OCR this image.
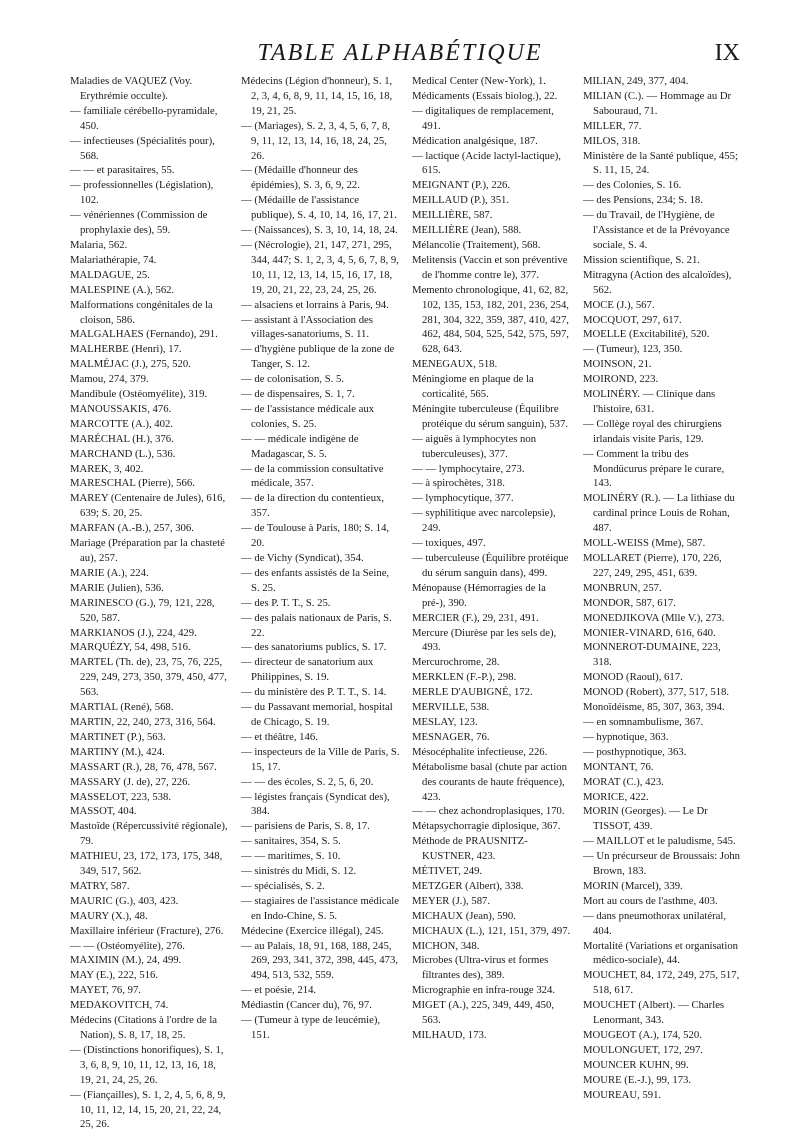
TABLE ALPHABÉTIQUE	IX
Maladies de VAQUEZ (Voy. Erythrémie occulte).
— familiale cérébello-pyramidale, 450.
— infectieuses (Spécialités pour), 568.
— — et parasitaires, 55.
— professionnelles (Législation), 102.
— vénériennes (Commission de prophylaxie des), 59.
Malaria, 562.
Malariathérapie, 74.
MALDAGUE, 25.
MALESPINE (A.), 562.
Malformations congénitales de la cloison, 586.
MALGALHAES (Fernando), 291.
MALHERBE (Henri), 17.
MALMÉJAC (J.), 275, 520.
Mamou, 274, 379.
Mandibule (Ostéomyélite), 319.
MANOUSSAKIS, 476.
MARCOTTE (A.), 402.
MARÉCHAL (H.), 376.
MARCHAND (L.), 536.
MAREK, 3, 402.
MARESCHAL (Pierre), 566.
MAREY (Centenaire de Jules), 616, 639; S. 20, 25.
MARFAN (A.-B.), 257, 306.
Mariage (Préparation par la chasteté au), 257.
MARIE (A.), 224.
MARIE (Julien), 536.
MARINESCO (G.), 79, 121, 228, 520, 587.
MARKIANOS (J.), 224, 429.
MARQUÉZY, 54, 498, 516.
MARTEL (Th. de), 23, 75, 76, 225, 229, 249, 273, 350, 379, 450, 477, 563.
MARTIAL (René), 568.
MARTIN, 22, 240, 273, 316, 564.
MARTINET (P.), 563.
MARTINY (M.), 424.
MASSART (R.), 28, 76, 478, 567.
MASSARY (J. de), 27, 226.
MASSELOT, 223, 538.
MASSOT, 404.
Mastoïde (Répercussivité régionale), 79.
MATHIEU, 23, 172, 173, 175, 348, 349, 517, 562.
MATRY, 587.
MAURIC (G.), 403, 423.
MAURY (X.), 48.
Maxillaire inférieur (Fracture), 276.
— — (Ostéomyélite), 276.
MAXIMIN (M.), 24, 499.
MAY (E.), 222, 516.
MAYET, 76, 97.
MEDAKOVITCH, 74.
Médecins (Citations à l'ordre de la Nation), S. 8, 17, 18, 25.
— (Distinctions honorifiques), S. 1, 3, 6, 8, 9, 10, 11, 12, 13, 16, 18, 19, 21, 24, 25, 26.
— (Fiançailles), S. 1, 2, 4, 5, 6, 8, 9, 10, 11, 12, 14, 15, 20, 21, 22, 24, 25, 26.
Médecins (Légion d'honneur), S. 1, 2, 3, 4, 6, 8, 9, 11, 14, 15, 16, 18, 19, 21, 25.
— (Mariages), S. 2, 3, 4, 5, 6, 7, 8, 9, 11, 12, 13, 14, 16, 18, 24, 25, 26.
— (Médaille d'honneur des épidémies), S. 3, 6, 9, 22.
— (Médaille de l'assistance publique), S. 4, 10, 14, 16, 17, 21.
— (Naissances), S. 3, 10, 14, 18, 24.
— (Nécrologie), 21, 147, 271, 295, 344, 447; S. 1, 2, 3, 4, 5, 6, 7, 8, 9, 10, 11, 12, 13, 14, 15, 16, 17, 18, 19, 20, 21, 22, 23, 24, 25, 26.
— alsaciens et lorrains à Paris, 94.
— assistant à l'Association des villages-sanatoriums, S. 11.
— d'hygiène publique de la zone de Tanger, S. 12.
— de colonisation, S. 5.
— de dispensaires, S. 1, 7.
— de l'assistance médicale aux colonies, S. 25.
— — médicale indigène de Madagascar, S. 5.
— de la commission consultative médicale, 357.
— de la direction du contentieux, 357.
— de Toulouse à Paris, 180; S. 14, 20.
— de Vichy (Syndicat), 354.
— des enfants assistés de la Seine, S. 25.
— des P. T. T., S. 25.
— des palais nationaux de Paris, S. 22.
— des sanatoriums publics, S. 17.
— directeur de sanatorium aux Philippines, S. 19.
— du ministère des P. T. T., S. 14.
— du Passavant memorial, hospital de Chicago, S. 19.
— et théâtre, 146.
— inspecteurs de la Ville de Paris, S. 15, 17.
— — des écoles, S. 2, 5, 6, 20.
— légistes français (Syndicat des), 384.
— parisiens de Paris, S. 8, 17.
— sanitaires, 354, S. 5.
— — maritimes, S. 10.
— sinistrés du Midi, S. 12.
— spécialisés, S. 2.
— stagiaires de l'assistance médicale en Indo-Chine, S. 5.
Médecine (Exercice illégal), 245.
— au Palais, 18, 91, 168, 188, 245, 269, 293, 341, 372, 398, 445, 473, 494, 513, 532, 559.
— et poésie, 214.
Médiastin (Cancer du), 76, 97.
— (Tumeur à type de leucémie), 151.
Medical Center (New-York), 1.
Médicaments (Essais biolog.), 22.
— digitaliques de remplacement, 491.
Médication analgésique, 187.
— lactique (Acide lactyl-lactique), 615.
MEIGNANT (P.), 226.
MEILLAUD (P.), 351.
MEILLIÈRE, 587.
MEILLIÈRE (Jean), 588.
Mélancolie (Traitement), 568.
Melitensis (Vaccin et son préventive de l'homme contre le), 377.
Memento chronologique, 41, 62, 82, 102, 135, 153, 182, 201, 236, 254, 281, 304, 322, 359, 387, 410, 427, 462, 484, 504, 525, 542, 575, 597, 628, 643.
MENEGAUX, 518.
Méningiome en plaque de la corticalité, 565.
Méningite tuberculeuse (Équilibre protéique du sérum sanguin), 537.
— aiguës à lymphocytes non tuberculeuses), 377.
— — lymphocytaire, 273.
— à spirochètes, 318.
— lymphocytique, 377.
— syphilitique avec narcolepsie), 249.
— toxiques, 497.
— tuberculeuse (Équilibre protéique du sérum sanguin dans), 499.
Ménopause (Hémorragies de la pré-), 390.
MERCIER (F.), 29, 231, 491.
Mercure (Diurèse par les sels de), 493.
Mercurochrome, 28.
MERKLEN (F.-P.), 298.
MERLE D'AUBIGNÉ, 172.
MERVILLE, 538.
MESLAY, 123.
MESNAGER, 76.
Mésocéphalite infectieuse, 226.
Métabolisme basal (chute par action des courants de haute fréquence), 423.
— — chez achondroplasiques, 170.
Métapsychorragie diplosique, 367.
Méthode de PRAUSNITZ-KUSTNER, 423.
MÉTIVET, 249.
METZGER (Albert), 338.
MEYER (J.), 587.
MICHAUX (Jean), 590.
MICHAUX (L.), 121, 151, 379, 497.
MICHON, 348.
Microbes (Ultra-virus et formes filtrantes des), 389.
Micrographie en infra-rouge 324.
MIGET (A.), 225, 349, 449, 450, 563.
MILHAUD, 173.
MILIAN, 249, 377, 404.
MILIAN (C.). — Hommage au Dr Sabouraud, 71.
MILLER, 77.
MILOS, 318.
Ministère de la Santé publique, 455; S. 11, 15, 24.
— des Colonies, S. 16.
— des Pensions, 234; S. 18.
— du Travail, de l'Hygiène, de l'Assistance et de la Prévoyance sociale, S. 4.
Mission scientifique, S. 21.
Mitragyna (Action des alcaloïdes), 562.
MOCE (J.), 567.
MOCQUOT, 297, 617.
MOELLE (Excitabilité), 520.
— (Tumeur), 123, 350.
MOINSON, 21.
MOIROND, 223.
MOLINÉRY. — Clinique dans l'histoire, 631.
— Collège royal des chirurgiens irlandais visite Paris, 129.
— Comment la tribu des Mondücurus prépare le curare, 143.
MOLINÉRY (R.). — La lithiase du cardinal prince Louis de Rohan, 487.
MOLL-WEISS (Mme), 587.
MOLLARET (Pierre), 170, 226, 227, 249, 295, 451, 639.
MONBRUN, 257.
MONDOR, 587, 617.
MONEDJIKOVA (Mlle V.), 273.
MONIER-VINARD, 616, 640.
MONNEROT-DUMAINE, 223, 318.
MONOD (Raoul), 617.
MONOD (Robert), 377, 517, 518.
Monoïdéisme, 85, 307, 363, 394.
— en somnambulisme, 367.
— hypnotique, 363.
— posthypnotique, 363.
MONTANT, 76.
MORAT (C.), 423.
MORICE, 422.
MORIN (Georges). — Le Dr TISSOT, 439.
— MAILLOT et le paludisme, 545.
— Un précurseur de Broussais: John Brown, 183.
MORIN (Marcel), 339.
Mort au cours de l'asthme, 403.
— dans pneumothorax unilatéral, 404.
Mortalité (Variations et organisation médico-sociale), 44.
MOUCHET, 84, 172, 249, 275, 517, 518, 617.
MOUCHET (Albert). — Charles Lenormant, 343.
MOUGEOT (A.), 174, 520.
MOULONGUET, 172, 297.
MOUNCER KUHN, 99.
MOURE (E.-J.), 99, 173.
MOUREAU, 591.
